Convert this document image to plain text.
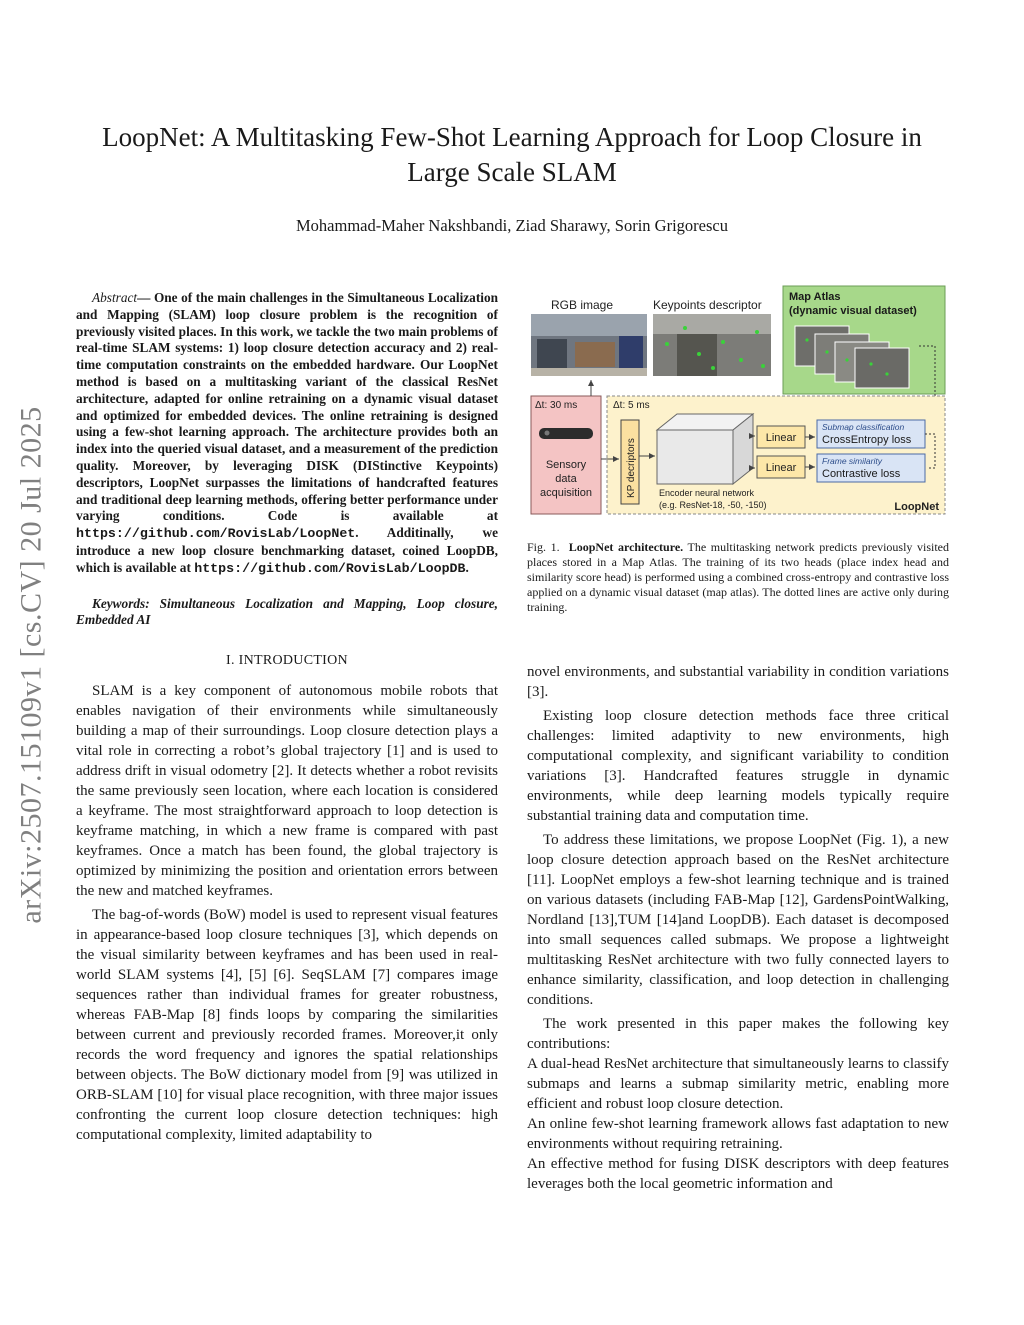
arXiv:2507.15109v1 [cs.CV] 20 Jul 2025
LoopNet: A Multitasking Few-Shot Learning Approach for Loop Closure in Large Scale SLAM
Mohammad-Maher Nakshbandi, Ziad Sharawy, Sorin Grigorescu

Abstract— One of the main challenges in the Simultaneous Localization and Mapping (SLAM) loop closure problem is the recognition of previously visited places. In this work, we tackle the two main problems of real-time SLAM systems: 1) loop closure detection accuracy and 2) real-time computation constraints on the embedded hardware. Our LoopNet method is based on a multitasking variant of the classical ResNet architecture, adapted for online retraining on a dynamic visual dataset and optimized for embedded devices. The online retraining is designed using a few-shot learning approach. The architecture provides both an index into the queried visual dataset, and a measurement of the prediction quality. Moreover, by leveraging DISK (DIStinctive Keypoints) descriptors, LoopNet surpasses the limitations of handcrafted features and traditional deep learning methods, offering better performance under varying conditions. Code is available at https://github.com/RovisLab/LoopNet. Additinally, we introduce a new loop closure benchmarking dataset, coined LoopDB, which is available at https://github.com/RovisLab/LoopDB.

Keywords: Simultaneous Localization and Mapping, Loop closure, Embedded AI

I. INTRODUCTION

SLAM is a key component of autonomous mobile robots that enables navigation of their environments while simultaneously building a map of their surroundings. Loop closure detection plays a vital role in correcting a robot’s global trajectory [1] and is used to address drift in visual odometry [2]. It detects whether a robot revisits the same previously seen location, where each location is considered a keyframe. The most straightforward approach to loop detection is keyframe matching, in which a new frame is compared with past keyframes. Once a match has been found, the global trajectory is optimized by minimizing the position and orientation errors between the new and matched keyframes.

The bag-of-words (BoW) model is used to represent visual features in appearance-based loop closure techniques [3], which depends on the visual similarity between keyframes and has been used in real-world SLAM systems [4], [5] [6]. SeqSLAM [7] compares image sequences rather than individual frames for greater robustness, whereas FAB-Map [8] finds loops by comparing the similarities between current and previously recorded frames. Moreover,it only records the word frequency and ignores the spatial relationships between objects. The BoW dictionary model from [9] was utilized in ORB-SLAM [10] for visual place recognition, with three major issues confronting the current loop closure detection techniques: high computational complexity, limited adaptability to

RGB image	Keypoints descriptor
Map Atlas
(dynamic visual dataset)
Δt: 30 ms
Sensory
data
acquisition
Δt: 5 ms
KP decriptors Encoder neural network
(e.g. ResNet-18, -50, -150)
Linear
Linear
Submap classification
CrossEntropy loss
Frame similarity
Contrastive loss
LoopNet
Fig. 1. LoopNet architecture. The multitasking network predicts previously visited places stored in a Map Atlas. The training of its two heads (place index head and similarity score head) is performed using a combined cross-entropy and contrastive loss applied on a dynamic visual dataset (map atlas). The dotted lines are active only during training.

novel environments, and substantial variability in condition variations [3].

Existing loop closure detection methods face three critical challenges: limited adaptivity to new environments, high computational complexity, and significant variability to condition variations [3]. Handcrafted features struggle in dynamic environments, while deep learning models typically require substantial training data and computation time.

To address these limitations, we propose LoopNet (Fig. 1), a new loop closure detection approach based on the ResNet architecture [11]. LoopNet employs a few-shot learning technique and is trained on various datasets (including FAB-Map [12], GardensPointWalking, Nordland [13],TUM [14]and LoopDB). Each dataset is decomposed into small sequences called submaps. We propose a lightweight multitasking ResNet architecture with two fully connected layers to enhance similarity, classification, and loop detection in challenging conditions.

The work presented in this paper makes the following key contributions:

A dual-head ResNet architecture that simultaneously learns to classify submaps and learns a submap similarity metric, enabling more efficient and robust loop closure detection.

An online few-shot learning framework allows fast adaptation to new environments without requiring retraining.

An effective method for fusing DISK descriptors with deep features leverages both the local geometric information and
